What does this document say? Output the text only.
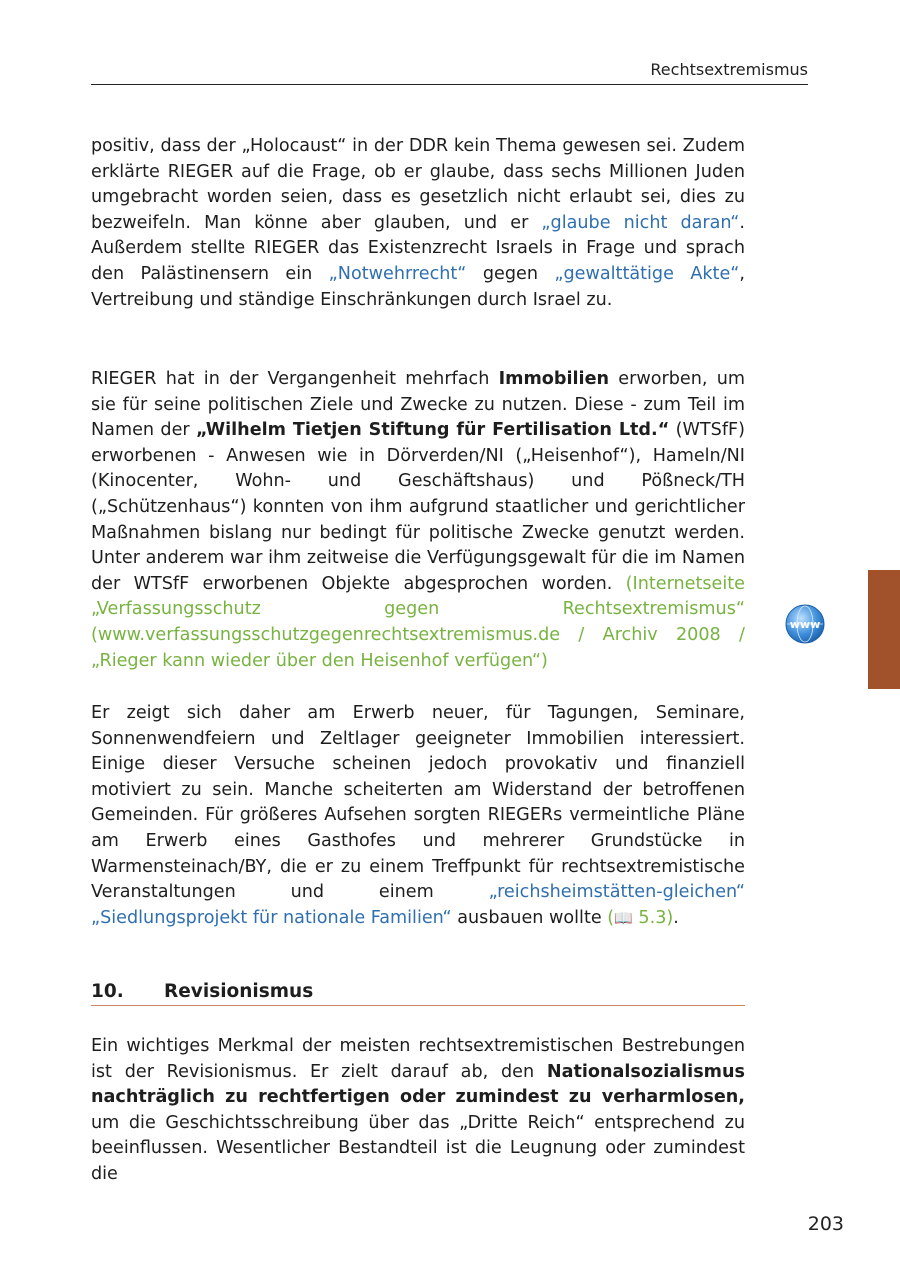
Rechtsextremismus

positiv, dass der „Holocaust“ in der DDR kein Thema gewesen sei. Zudem erklärte RIEGER auf die Frage, ob er glaube, dass sechs Millionen Juden umgebracht worden seien, dass es gesetzlich nicht erlaubt sei, dies zu bezweifeln. Man könne aber glauben, und er „glaube nicht daran“. Außerdem stellte RIEGER das Existenzrecht Israels in Frage und sprach den Palästinensern ein „Notwehrrecht“ gegen „gewalttätige Akte“, Vertreibung und ständige Einschränkungen durch Israel zu.

RIEGER hat in der Vergangenheit mehrfach Immobilien erworben, um sie für seine politischen Ziele und Zwecke zu nutzen. Diese - zum Teil im Namen der „Wilhelm Tietjen Stiftung für Fertilisation Ltd.“ (WTSfF) erworbenen - Anwesen wie in Dörverden/NI („Heisenhof“), Hameln/NI (Kinocenter, Wohn- und Geschäftshaus) und Pößneck/TH („Schützenhaus“) konnten von ihm aufgrund staatlicher und gerichtlicher Maßnahmen bislang nur bedingt für politische Zwecke genutzt werden. Unter anderem war ihm zeitweise die Verfügungsgewalt für die im Namen der WTSfF erworbenen Objekte abgesprochen worden. (Internetseite „Verfassungsschutz gegen Rechtsextremismus“ (www.verfassungsschutzgegenrechtsextremismus.de / Archiv 2008 / „Rieger kann wieder über den Heisenhof verfügen“)

Er zeigt sich daher am Erwerb neuer, für Tagungen, Seminare, Sonnenwendfeiern und Zeltlager geeigneter Immobilien interessiert. Einige dieser Versuche scheinen jedoch provokativ und finanziell motiviert zu sein. Manche scheiterten am Widerstand der betroffenen Gemeinden. Für größeres Aufsehen sorgten RIEGERs vermeintliche Pläne am Erwerb eines Gasthofes und mehrerer Grundstücke in Warmensteinach/BY, die er zu einem Treffpunkt für rechtsextremistische Veranstaltungen und einem „reichsheimstätten-gleichen“ „Siedlungsprojekt für nationale Familien“ ausbauen wollte (📖 5.3).

10. Revisionismus

Ein wichtiges Merkmal der meisten rechtsextremistischen Bestrebungen ist der Revisionismus. Er zielt darauf ab, den Nationalsozialismus nachträglich zu rechtfertigen oder zumindest zu verharmlosen, um die Geschichtsschreibung über das „Dritte Reich“ entsprechend zu beeinflussen. Wesentlicher Bestandteil ist die Leugnung oder zumindest die

www
203
